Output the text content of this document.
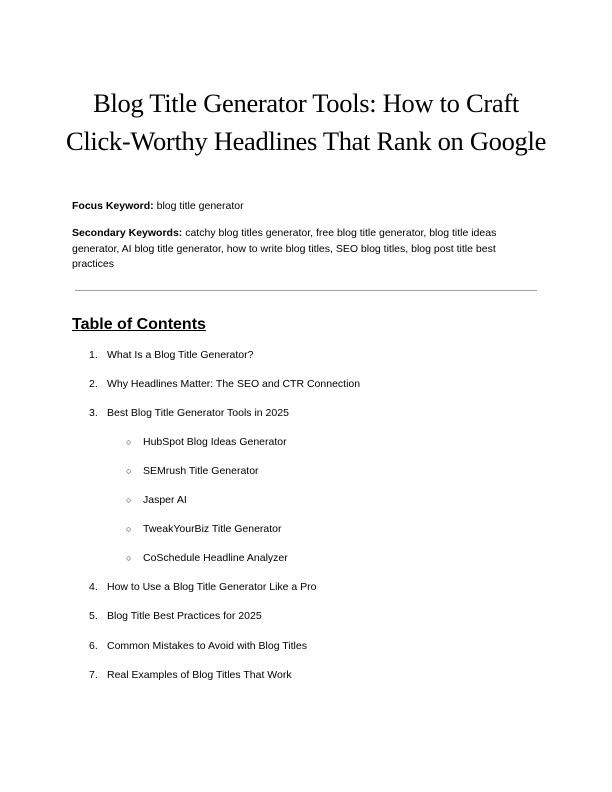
Blog Title Generator Tools: How to Craft
Click-Worthy Headlines That Rank on Google

Focus Keyword: blog title generator

Secondary Keywords: catchy blog titles generator, free blog title generator, blog title ideas generator, AI blog title generator, how to write blog titles, SEO blog titles, blog post title best practices

Table of Contents
1. What Is a Blog Title Generator?
2. Why Headlines Matter: The SEO and CTR Connection
3. Best Blog Title Generator Tools in 2025
○ HubSpot Blog Ideas Generator
○ SEMrush Title Generator
○ Jasper AI
○ TweakYourBiz Title Generator
○ CoSchedule Headline Analyzer
4. How to Use a Blog Title Generator Like a Pro
5. Blog Title Best Practices for 2025
6. Common Mistakes to Avoid with Blog Titles
7. Real Examples of Blog Titles That Work
